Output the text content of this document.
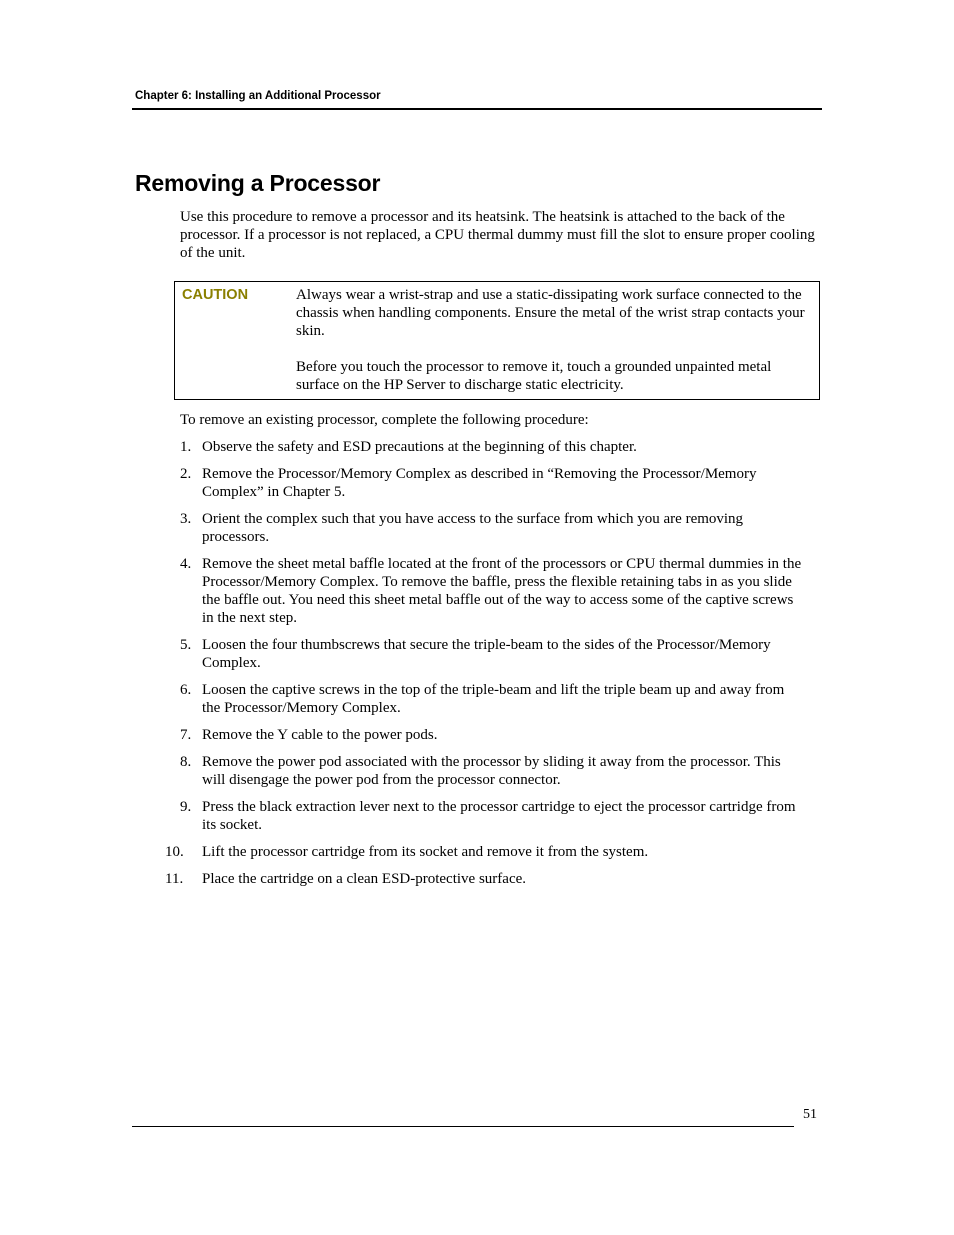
Chapter 6: Installing an Additional Processor
Removing a Processor

Use this procedure to remove a processor and its heatsink. The heatsink is attached to the back of the processor. If a processor is not replaced, a CPU thermal dummy must fill the slot to ensure proper cooling of the unit.

CAUTION	Always wear a wrist-strap and use a static-dissipating work surface connected to the chassis when handling components. Ensure the metal of the wrist strap contacts your skin.

Before you touch the processor to remove it, touch a grounded unpainted metal surface on the HP Server to discharge static electricity.

To remove an existing processor, complete the following procedure:

1. Observe the safety and ESD precautions at the beginning of this chapter.
2. Remove the Processor/Memory Complex as described in “Removing the Processor/Memory Complex” in Chapter 5.
3. Orient the complex such that you have access to the surface from which you are removing processors.
4. Remove the sheet metal baffle located at the front of the processors or CPU thermal dummies in the Processor/Memory Complex. To remove the baffle, press the flexible retaining tabs in as you slide the baffle out. You need this sheet metal baffle out of the way to access some of the captive screws in the next step.
5. Loosen the four thumbscrews that secure the triple-beam to the sides of the Processor/Memory Complex.
6. Loosen the captive screws in the top of the triple-beam and lift the triple beam up and away from the Processor/Memory Complex.
7. Remove the Y cable to the power pods.
8. Remove the power pod associated with the processor by sliding it away from the processor. This will disengage the power pod from the processor connector.
9. Press the black extraction lever next to the processor cartridge to eject the processor cartridge from its socket.
10.	Lift the processor cartridge from its socket and remove it from the system.
11.	Place the cartridge on a clean ESD-protective surface.
51
